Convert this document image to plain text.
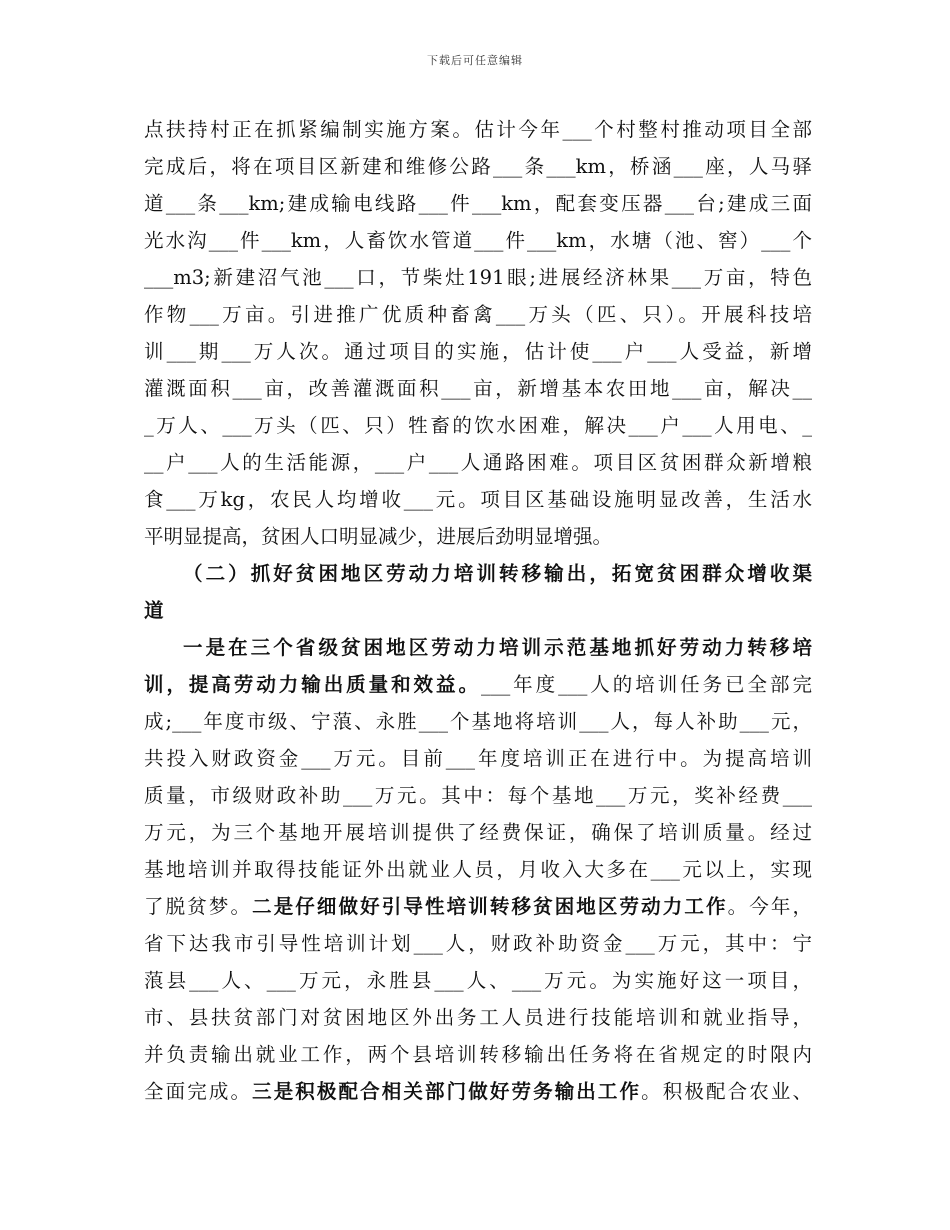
下载后可任意编辑
点扶持村正在抓紧编制实施方案。估计今年___个村整村推动项目全部
完成后，将在项目区新建和维修公路___条___km，桥涵___座，人马驿
道___条___km;建成输电线路___件___km，配套变压器___台;建成三面
光水沟___件___km，人畜饮水管道___件___km，水塘（池、窖）___个
___m3;新建沼气池___口，节柴灶191眼;进展经济林果___万亩，特色
作物___万亩。引进推广优质种畜禽___万头（匹、只）。开展科技培
训___期___万人次。通过项目的实施，估计使___户___人受益，新增
灌溉面积___亩，改善灌溉面积___亩，新增基本农田地___亩，解决__
_万人、___万头（匹、只）牲畜的饮水困难，解决___户___人用电、_
__户___人的生活能源，___户___人通路困难。项目区贫困群众新增粮
食___万kg，农民人均增收___元。项目区基础设施明显改善，生活水
平明显提高，贫困人口明显减少，进展后劲明显增强。
（二）抓好贫困地区劳动力培训转移输出，拓宽贫困群众增收渠
道
一是在三个省级贫困地区劳动力培训示范基地抓好劳动力转移培
训，提高劳动力输出质量和效益。___年度___人的培训任务已全部完
成;___年度市级、宁蒗、永胜___个基地将培训___人，每人补助___元，
共投入财政资金___万元。目前___年度培训正在进行中。为提高培训
质量，市级财政补助___万元。其中：每个基地___万元，奖补经费___
万元，为三个基地开展培训提供了经费保证，确保了培训质量。经过
基地培训并取得技能证外出就业人员，月收入大多在___元以上，实现
了脱贫梦。二是仔细做好引导性培训转移贫困地区劳动力工作。今年，
省下达我市引导性培训计划___人，财政补助资金___万元，其中：宁
蒗县___人、___万元，永胜县___人、___万元。为实施好这一项目，
市、县扶贫部门对贫困地区外出务工人员进行技能培训和就业指导，
并负责输出就业工作，两个县培训转移输出任务将在省规定的时限内
全面完成。三是积极配合相关部门做好劳务输出工作。积极配合农业、
